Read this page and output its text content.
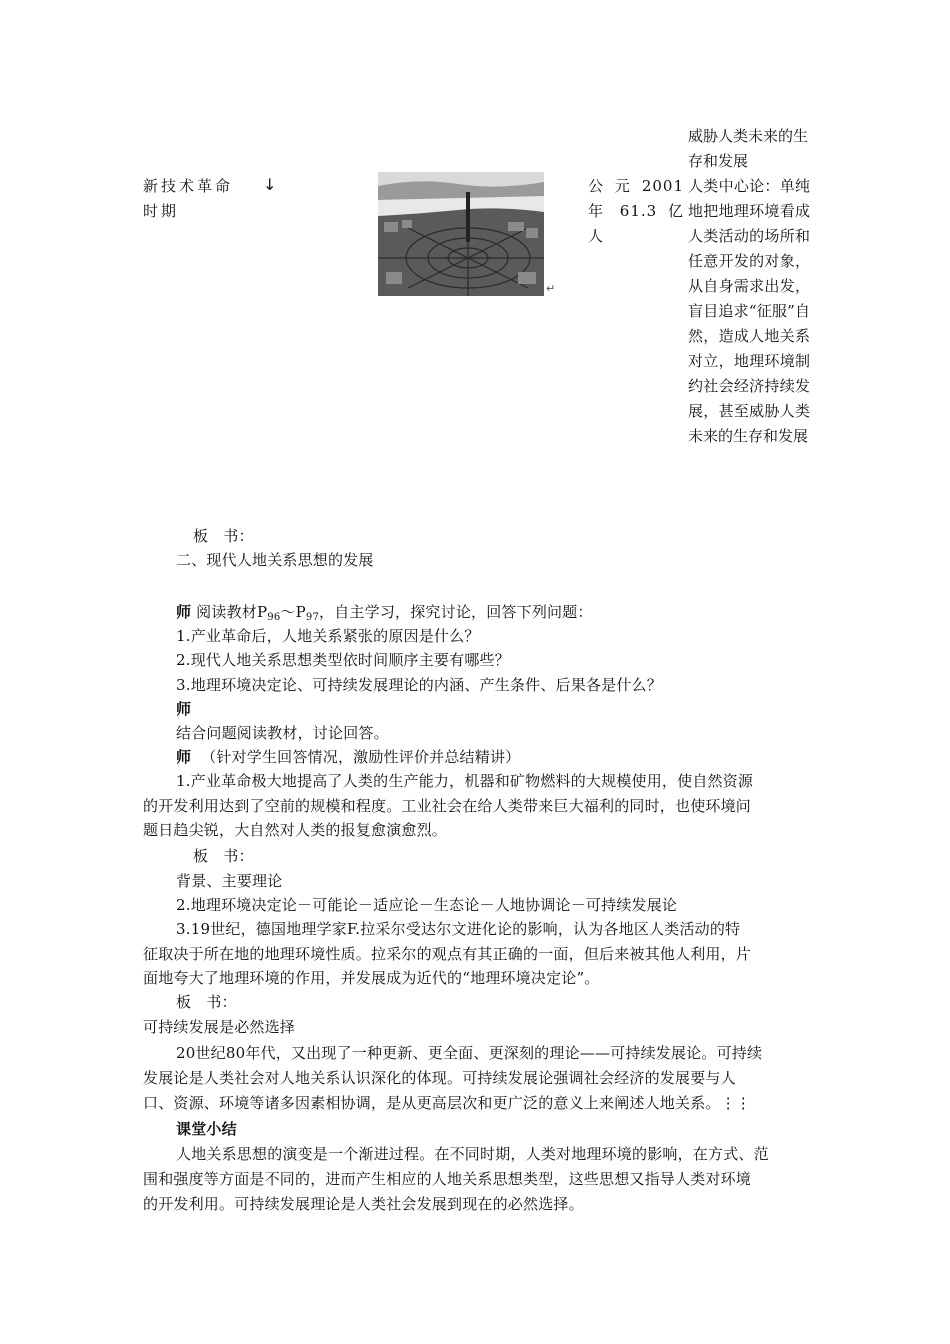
新技术革命时期
↓
↵
公 元 2001年 61.3 亿人
威胁人类未来的生存和发展
人类中心论：单纯地把地理环境看成人类活动的场所和任意开发的对象，从自身需求出发，盲目追求“征服”自然，造成人地关系对立，地理环境制约社会经济持续发展，甚至威胁人类未来的生存和发展
板　书：
二、现代人地关系思想的发展
师 阅读教材$P_{96}\sim P_{97}$，自主学习，探究讨论，回答下列问题：
1.产业革命后，人地关系紧张的原因是什么？
2.现代人地关系思想类型依时间顺序主要有哪些？
3.地理环境决定论、可持续发展理论的内涵、产生条件、后果各是什么？
师
结合问题阅读教材，讨论回答。
师 （针对学生回答情况，激励性评价并总结精讲）
1.产业革命极大地提高了人类的生产能力，机器和矿物燃料的大规模使用，使自然资源
的开发利用达到了空前的规模和程度。工业社会在给人类带来巨大福利的同时，也使环境问
题日趋尖锐，大自然对人类的报复愈演愈烈。
板　书：
背景、主要理论
2.地理环境决定论－可能论－适应论－生态论－人地协调论－可持续发展论
3.19世纪，德国地理学家F.拉采尔受达尔文进化论的影响，认为各地区人类活动的特
征取决于所在地的地理环境性质。拉采尔的观点有其正确的一面，但后来被其他人利用，片
面地夸大了地理环境的作用，并发展成为近代的“地理环境决定论”。
板　书：
可持续发展是必然选择
20世纪80年代，又出现了一种更新、更全面、更深刻的理论——可持续发展论。可持续
发展论是人类社会对人地关系认识深化的体现。可持续发展论强调社会经济的发展要与人
口、资源、环境等诸多因素相协调，是从更高层次和更广泛的意义上来阐述人地关系。⋮⋮
课堂小结
人地关系思想的演变是一个渐进过程。在不同时期，人类对地理环境的影响，在方式、范
围和强度等方面是不同的，进而产生相应的人地关系思想类型，这些思想又指导人类对环境
的开发利用。可持续发展理论是人类社会发展到现在的必然选择。
